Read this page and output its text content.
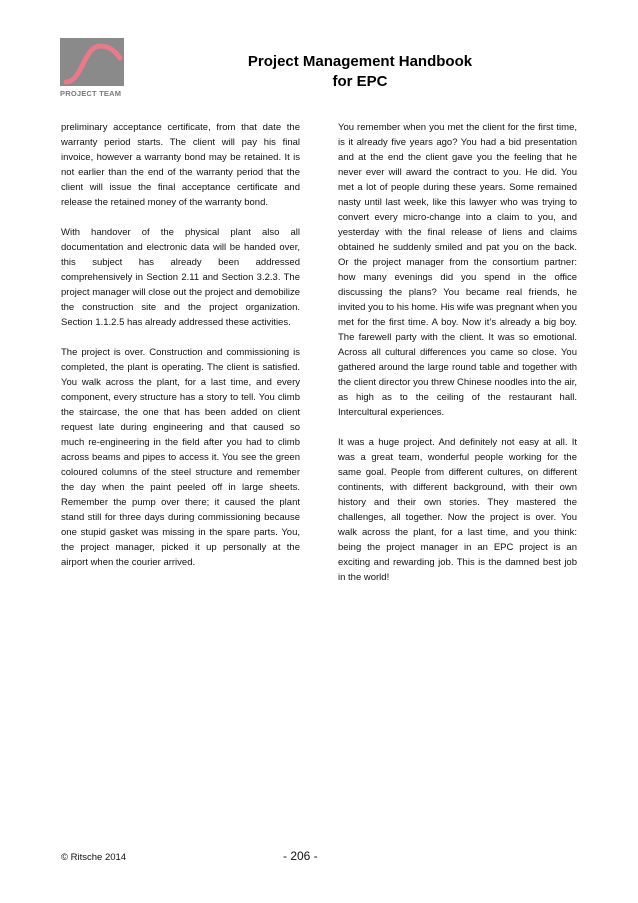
PROJECT TEAM
Project Management Handbook
for EPC

preliminary acceptance certificate, from that date the warranty period starts. The client will pay his final invoice, however a warranty bond may be retained. It is not earlier than the end of the warranty period that the client will issue the final acceptance certificate and release the retained money of the warranty bond.

With handover of the physical plant also all documentation and electronic data will be handed over, this subject has already been addressed comprehensively in Section 2.11 and Section 3.2.3. The project manager will close out the project and demobilize the construction site and the project organization. Section 1.1.2.5 has already addressed these activities.

The project is over. Construction and commissioning is completed, the plant is operating. The client is satisfied. You walk across the plant, for a last time, and every component, every structure has a story to tell. You climb the staircase, the one that has been added on client request late during engineering and that caused so much re-engineering in the field after you had to climb across beams and pipes to access it. You see the green coloured columns of the steel structure and remember the day when the paint peeled off in large sheets. Remember the pump over there; it caused the plant stand still for three days during commissioning because one stupid gasket was missing in the spare parts. You, the project manager, picked it up personally at the airport when the courier arrived.

You remember when you met the client for the first time, is it already five years ago? You had a bid presentation and at the end the client gave you the feeling that he never ever will award the contract to you. He did. You met a lot of people during these years. Some remained nasty until last week, like this lawyer who was trying to convert every micro-change into a claim to you, and yesterday with the final release of liens and claims obtained he suddenly smiled and pat you on the back. Or the project manager from the consortium partner: how many evenings did you spend in the office discussing the plans? You became real friends, he invited you to his home. His wife was pregnant when you met for the first time. A boy. Now it’s already a big boy. The farewell party with the client. It was so emotional. Across all cultural differences you came so close. You gathered around the large round table and together with the client director you threw Chinese noodles into the air, as high as to the ceiling of the restaurant hall. Intercultural experiences.

It was a huge project. And definitely not easy at all. It was a great team, wonderful people working for the same goal. People from different cultures, on different continents, with different background, with their own history and their own stories. They mastered the challenges, all together. Now the project is over. You walk across the plant, for a last time, and you think: being the project manager in an EPC project is an exciting and rewarding job. This is the damned best job in the world!

© Ritsche 2014	- 206 -
